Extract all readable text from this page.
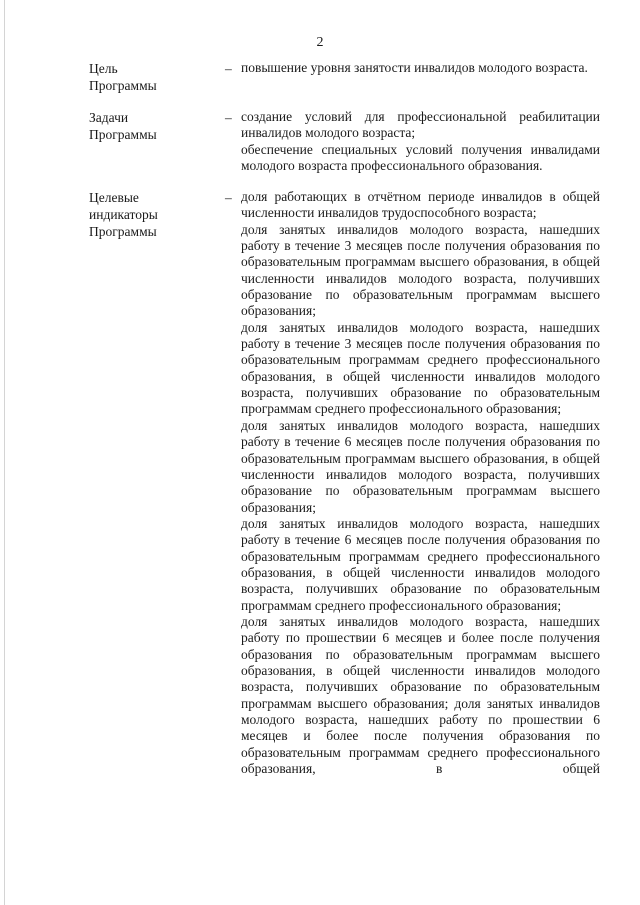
2
Цель
Программы
– повышение уровня занятости инвалидов молодого возраста.

Задачи
Программы
– создание условий для профессиональной реабилитации инвалидов молодого возраста;

обеспечение специальных условий получения инвалидами молодого возраста профессионального образования.

Целевые
индикаторы
Программы
– доля работающих в отчётном периоде инвалидов в общей численности инвалидов трудоспособного возраста;

доля занятых инвалидов молодого возраста, нашедших работу в течение 3 месяцев после получения образования по образовательным программам высшего образования, в общей численности инвалидов молодого возраста, получивших образование по образовательным программам высшего образования;

доля занятых инвалидов молодого возраста, нашедших работу в течение 3 месяцев после получения образования по образовательным программам среднего профессионального образования, в общей численности инвалидов молодого возраста, получивших образование по образовательным программам среднего профессионального образования;

доля занятых инвалидов молодого возраста, нашедших работу в течение 6 месяцев после получения образования по образовательным программам высшего образования, в общей численности инвалидов молодого возраста, получивших образование по образовательным программам высшего образования;

доля занятых инвалидов молодого возраста, нашедших работу в течение 6 месяцев после получения образования по образовательным программам среднего профессионального образования, в общей численности инвалидов молодого возраста, получивших образование по образовательным программам среднего профессионального образования;

доля занятых инвалидов молодого возраста, нашедших работу по прошествии 6 месяцев и более после получения образования по образовательным программам высшего образования, в общей численности инвалидов молодого возраста, получивших образование по образовательным программам высшего образования; доля занятых инвалидов молодого возраста, нашедших работу по прошествии 6 месяцев и более после получения образования по образовательным программам среднего профессионального образования, в общей
